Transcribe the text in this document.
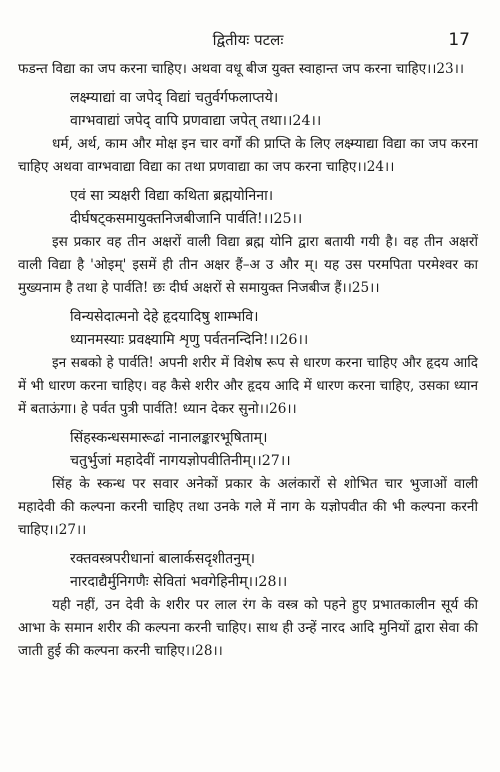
द्वितीयः पटलः	17

फडन्त विद्या का जप करना चाहिए। अथवा वधू बीज युक्त स्वाहान्त जप करना चाहिए।।23।।

लक्ष्म्याद्यां वा जपेद् विद्यां चतुर्वर्गफलाप्तये।

वाग्भवाद्यां जपेद् वापि प्रणवाद्या जपेत् तथा।।24।।

धर्म, अर्थ, काम और मोक्ष इन चार वर्गों की प्राप्ति के लिए लक्ष्म्याद्या विद्या का जप करना चाहिए अथवा वाग्भवाद्या विद्या का तथा प्रणवाद्या का जप करना चाहिए।।24।।

एवं सा त्र्यक्षरी विद्या कथिता ब्रह्मयोनिना।

दीर्घषट्कसमायुक्तनिजबीजानि पार्वति!।।25।।

इस प्रकार वह तीन अक्षरों वाली विद्या ब्रह्म योनि द्वारा बतायी गयी है। वह तीन अक्षरों वाली विद्या है 'ओइम्' इसमें ही तीन अक्षर हैं–अ उ और म्। यह उस परमपिता परमेश्वर का मुख्यनाम है तथा हे पार्वति! छः दीर्घ अक्षरों से समायुक्त निजबीज हैं।।25।।

विन्यसेदात्मनो देहे हृदयादिषु शाम्भवि।

ध्यानमस्याः प्रवक्ष्यामि शृणु पर्वतनन्दिनि!।।26।।

इन सबको हे पार्वति! अपनी शरीर में विशेष रूप से धारण करना चाहिए और हृदय आदि में भी धारण करना चाहिए। वह कैसे शरीर और हृदय आदि में धारण करना चाहिए, उसका ध्यान में बताऊंगा। हे पर्वत पुत्री पार्वति! ध्यान देकर सुनो।।26।।

सिंहस्कन्धसमारूढां नानालङ्कारभूषिताम्।

चतुर्भुजां महादेवीं नागयज्ञोपवीतिनीम्।।27।।

सिंह के स्कन्ध पर सवार अनेकों प्रकार के अलंकारों से शोभित चार भुजाओं वाली महादेवी की कल्पना करनी चाहिए तथा उनके गले में नाग के यज्ञोपवीत की भी कल्पना करनी चाहिए।।27।।

रक्तवस्त्रपरीधानां बालार्कसदृशीतनुम्।

नारदाद्यैर्मुनिगणैः सेवितां भवगेहिनीम्।।28।।

यही नहीं, उन देवी के शरीर पर लाल रंग के वस्त्र को पहने हुए प्रभातकालीन सूर्य की आभा के समान शरीर की कल्पना करनी चाहिए। साथ ही उन्हें नारद आदि मुनियों द्वारा सेवा की जाती हुई की कल्पना करनी चाहिए।।28।।
